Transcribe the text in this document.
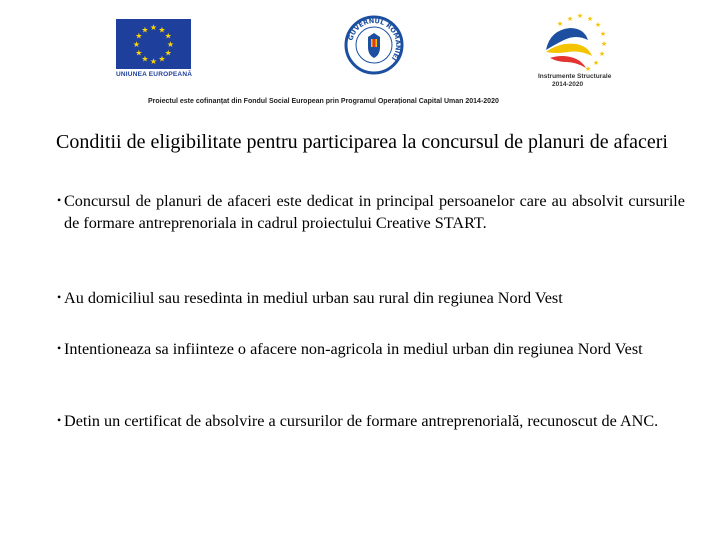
★ ★
★
★
★
★
★
★
★
★
★
★
UNIUNEA EUROPEANĂ
GUVERNUL ROMÂNIEI
★ ★ ★
★
★
★
★
★
★
★
Instrumente Structurale
2014-2020
Proiectul este cofinanțat din Fondul Social European prin Programul Operațional Capital Uman 2014-2020
Conditii de eligibilitate pentru participarea la concursul de planuri de afaceri
• Concursul de planuri de afaceri este dedicat in principal persoanelor care au absolvit cursurile de formare antreprenoriala in cadrul proiectului Creative START.
• Au domiciliul sau resedinta in mediul urban sau rural din regiunea Nord Vest
• Intentioneaza sa infiinteze o afacere non-agricola in mediul urban din regiunea Nord Vest
• Detin un certificat de absolvire a cursurilor de formare antreprenorială, recunoscut de ANC.
